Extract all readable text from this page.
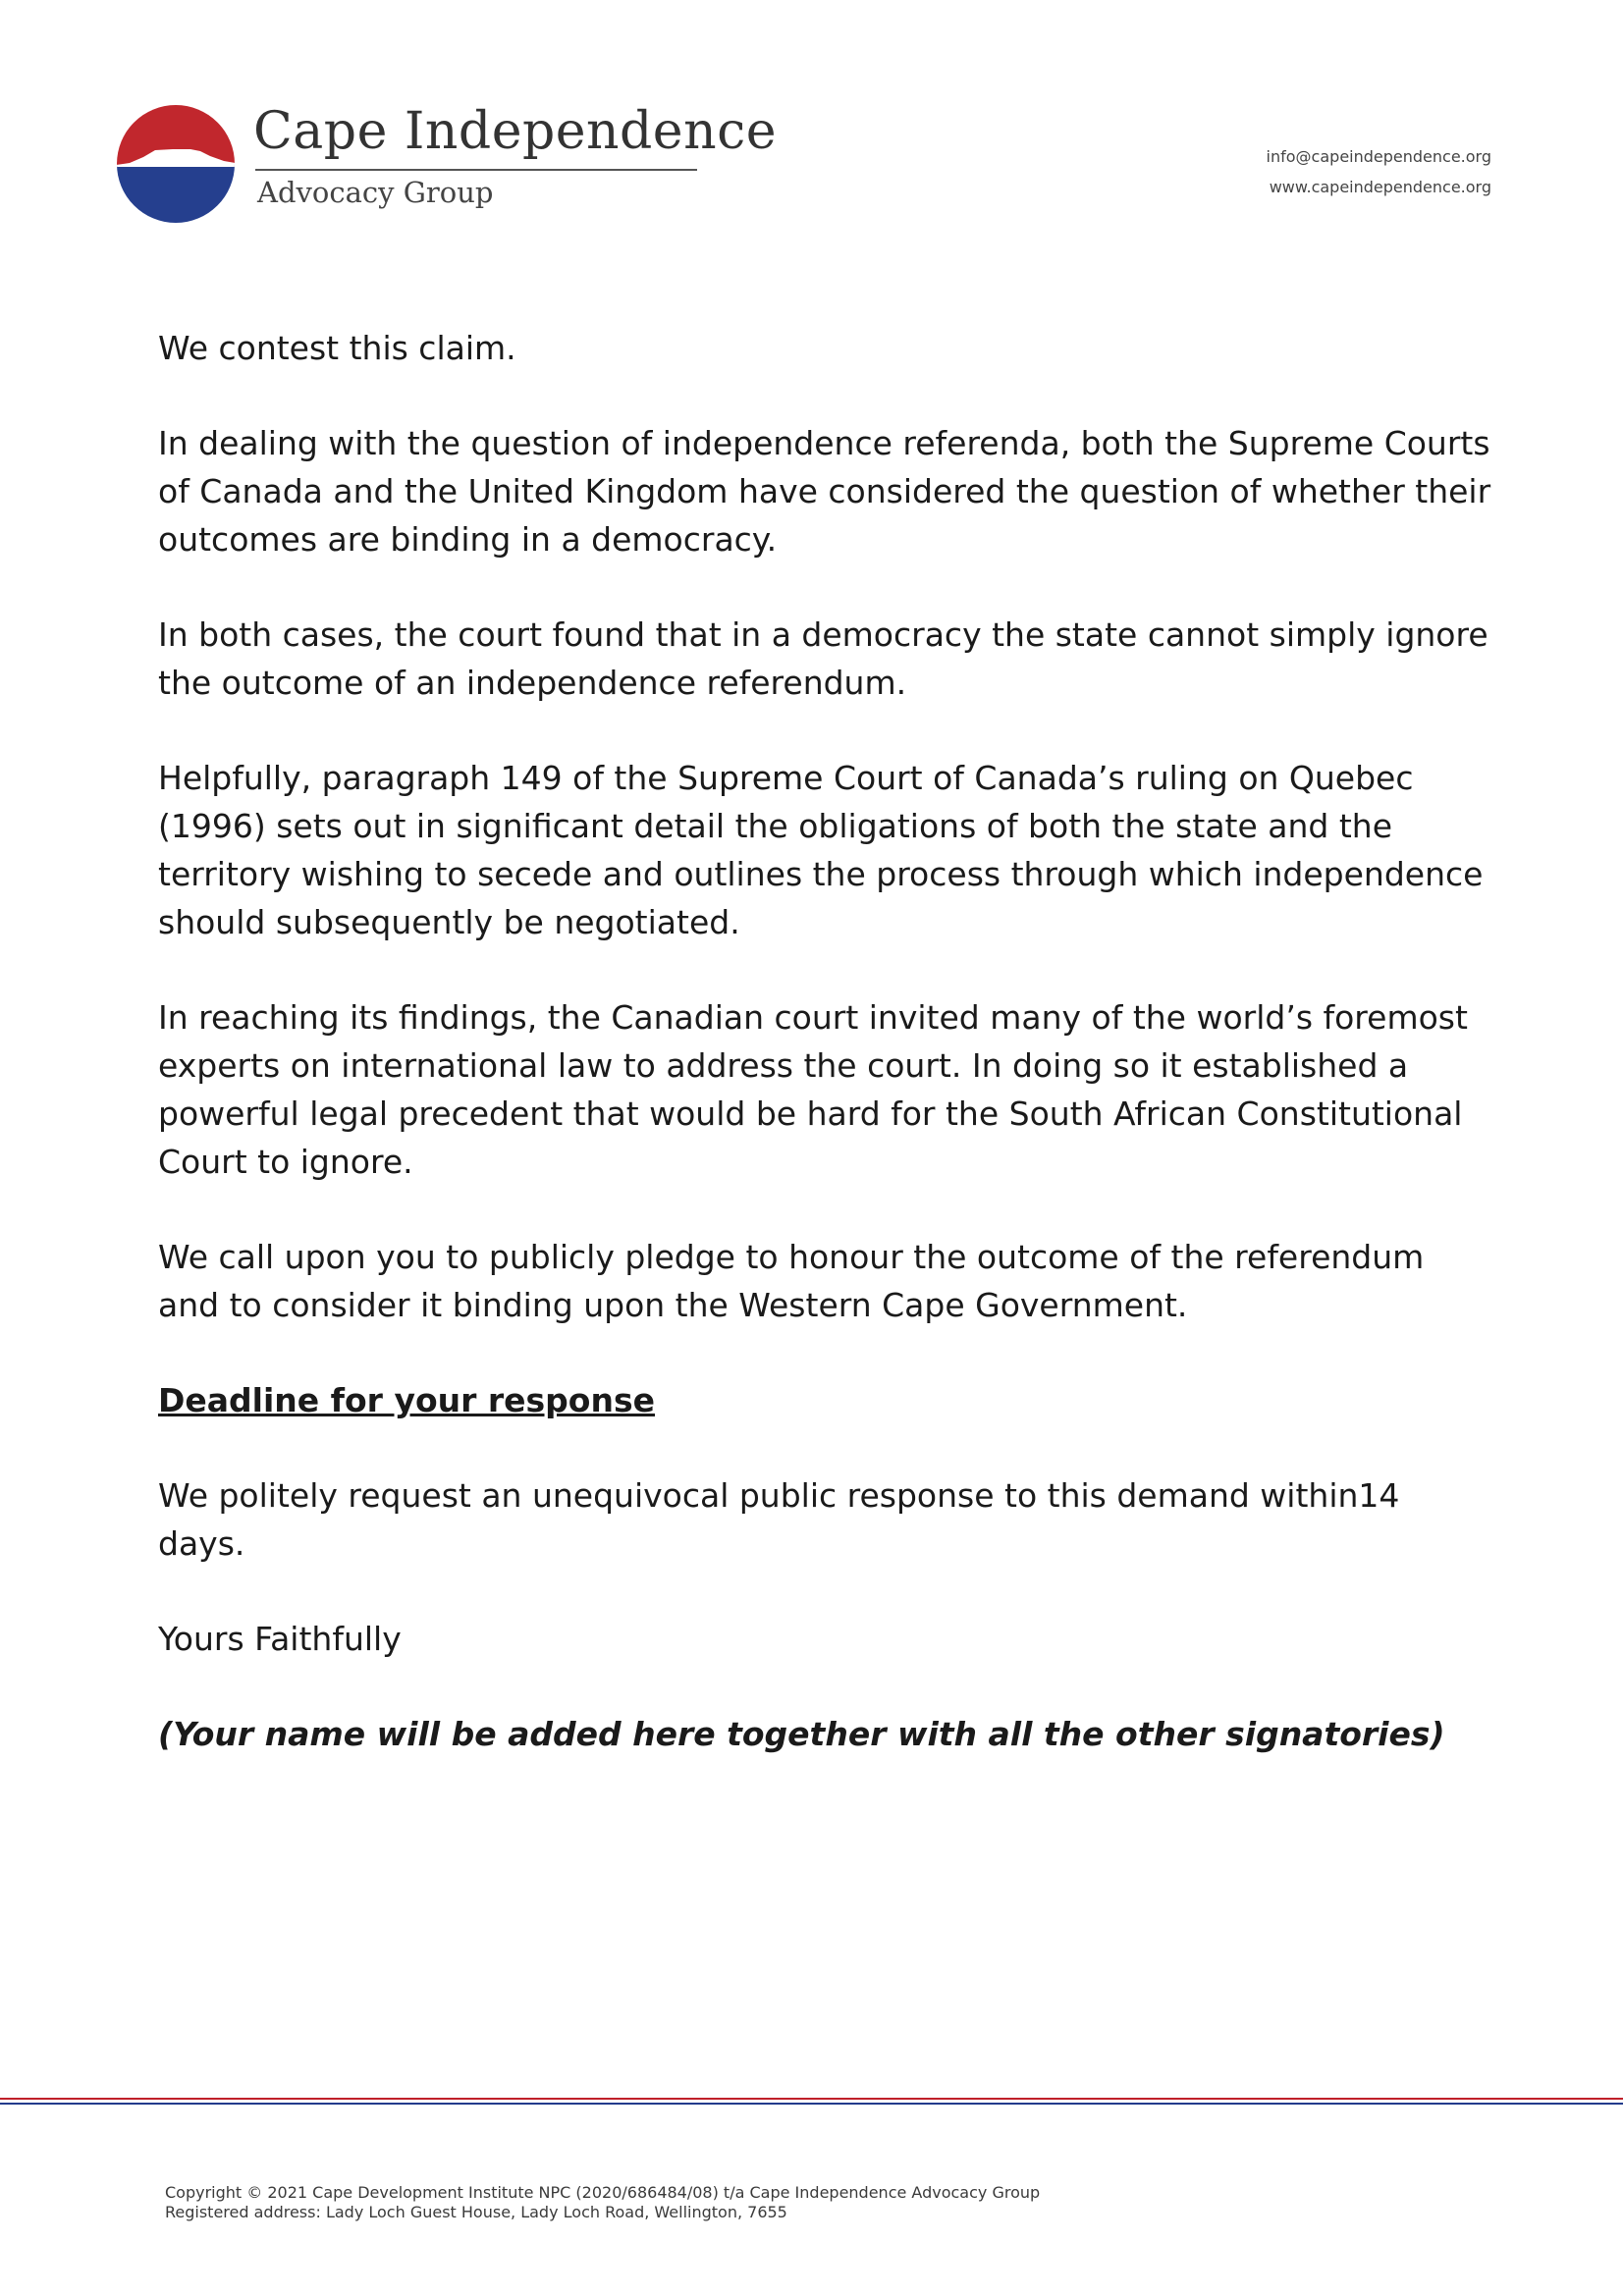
Cape Independence
Advocacy Group
info@capeindependence.org
www.capeindependence.org

We contest this claim.

In dealing with the question of independence referenda, both the Supreme Courts of Canada and the United Kingdom have considered the question of whether their outcomes are binding in a democracy.

In both cases, the court found that in a democracy the state cannot simply ignore the outcome of an independence referendum.

Helpfully, paragraph 149 of the Supreme Court of Canada’s ruling on Quebec (1996) sets out in significant detail the obligations of both the state and the territory wishing to secede and outlines the process through which independence should subsequently be negotiated.

In reaching its findings, the Canadian court invited many of the world’s foremost experts on international law to address the court. In doing so it established a powerful legal precedent that would be hard for the South African Constitutional Court to ignore.

We call upon you to publicly pledge to honour the outcome of the referendum and to consider it binding upon the Western Cape Government.

Deadline for your response

We politely request an unequivocal public response to this demand within14 days.

Yours Faithfully

(Your name will be added here together with all the other signatories)

Copyright © 2021 Cape Development Institute NPC (2020/686484/08) t/a Cape Independence Advocacy Group
Registered address: Lady Loch Guest House, Lady Loch Road, Wellington, 7655
